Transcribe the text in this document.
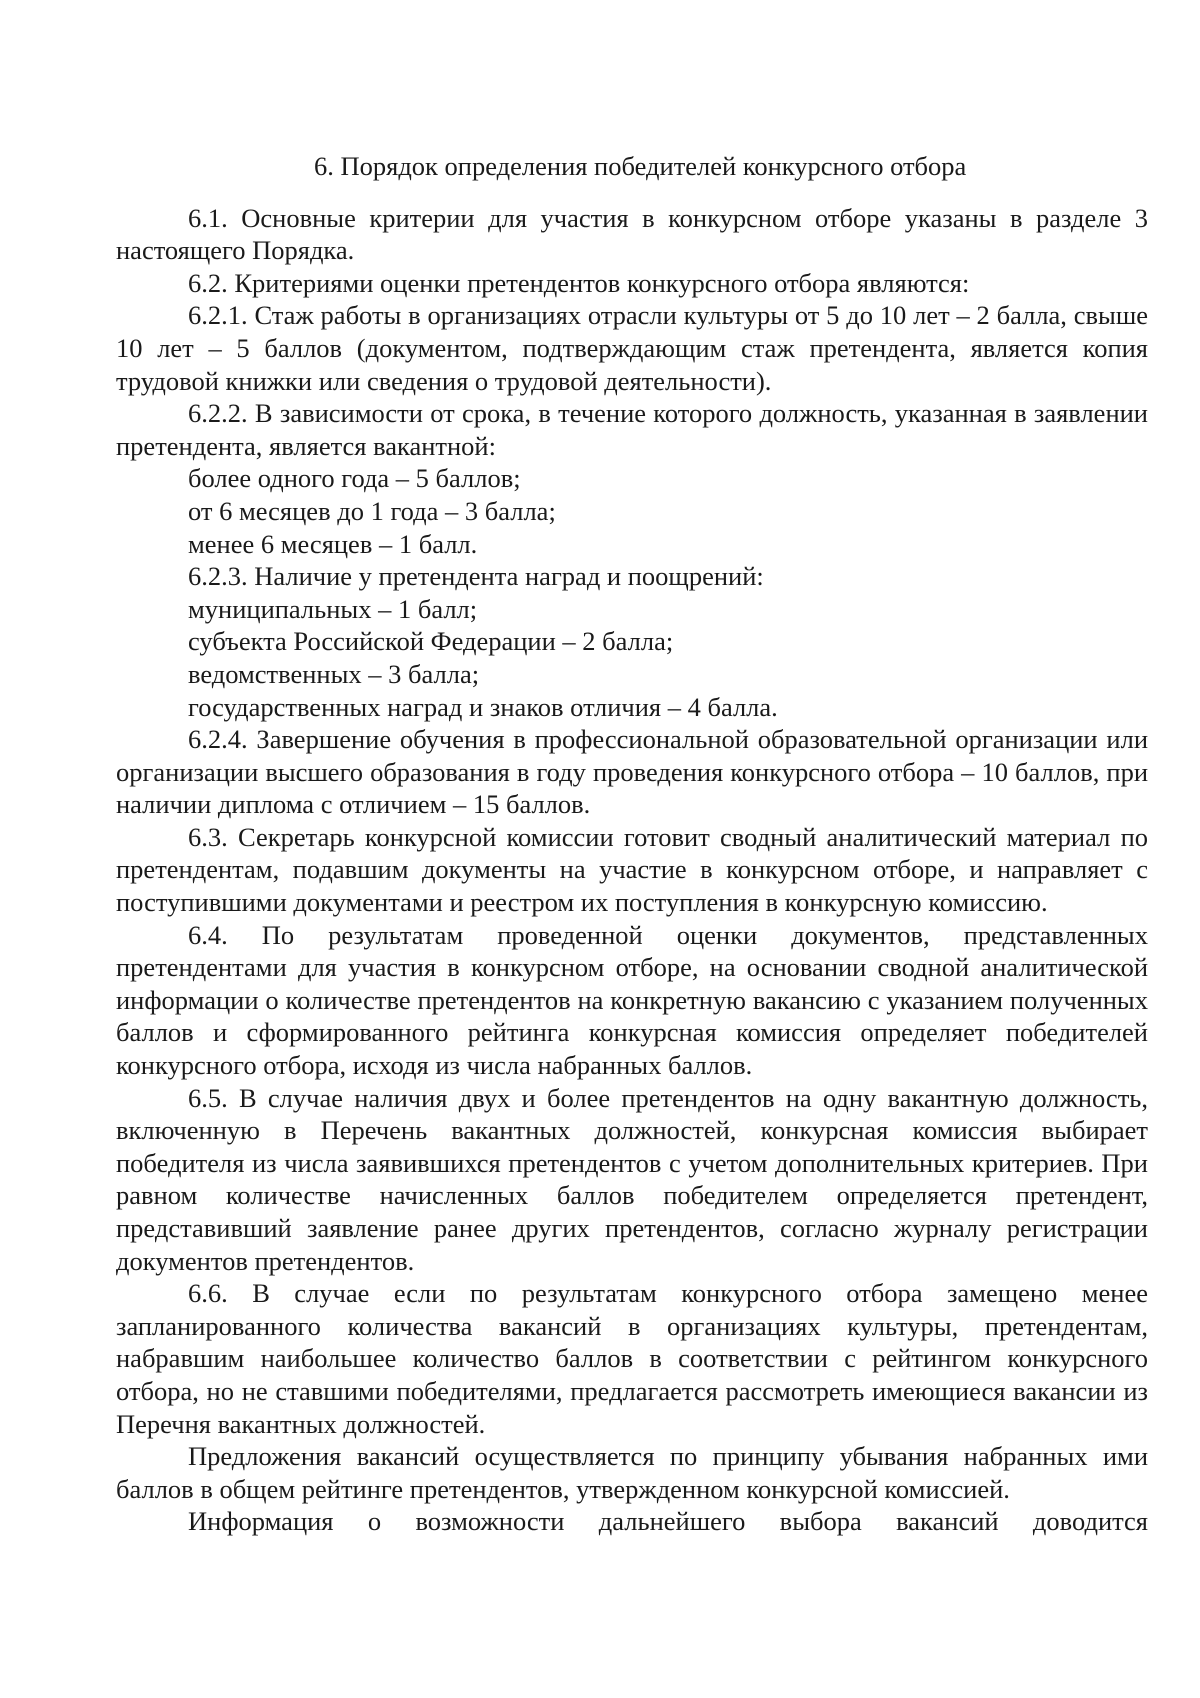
6. Порядок определения победителей конкурсного отбора
6.1. Основные критерии для участия в конкурсном отборе указаны в разделе 3 настоящего Порядка.
6.2. Критериями оценки претендентов конкурсного отбора являются:
6.2.1. Стаж работы в организациях отрасли культуры от 5 до 10 лет – 2 балла, свыше 10 лет – 5 баллов (документом, подтверждающим стаж претендента, является копия трудовой книжки или сведения о трудовой деятельности).
6.2.2. В зависимости от срока, в течение которого должность, указанная в заявлении претендента, является вакантной:
более одного года – 5 баллов;
от 6 месяцев до 1 года – 3 балла;
менее 6 месяцев – 1 балл.
6.2.3. Наличие у претендента наград и поощрений:
муниципальных – 1 балл;
субъекта Российской Федерации – 2 балла;
ведомственных – 3 балла;
государственных наград и знаков отличия – 4 балла.
6.2.4. Завершение обучения в профессиональной образовательной организации или организации высшего образования в году проведения конкурсного отбора – 10 баллов, при наличии диплома с отличием – 15 баллов.
6.3. Секретарь конкурсной комиссии готовит сводный аналитический материал по претендентам, подавшим документы на участие в конкурсном отборе, и направляет с поступившими документами и реестром их поступления в конкурсную комиссию.
6.4. По результатам проведенной оценки документов, представленных претендентами для участия в конкурсном отборе, на основании сводной аналитической информации о количестве претендентов на конкретную вакансию с указанием полученных баллов и сформированного рейтинга конкурсная комиссия определяет победителей конкурсного отбора, исходя из числа набранных баллов.
6.5. В случае наличия двух и более претендентов на одну вакантную должность, включенную в Перечень вакантных должностей, конкурсная комиссия выбирает победителя из числа заявившихся претендентов с учетом дополнительных критериев. При равном количестве начисленных баллов победителем определяется претендент, представивший заявление ранее других претендентов, согласно журналу регистрации документов претендентов.
6.6. В случае если по результатам конкурсного отбора замещено менее запланированного количества вакансий в организациях культуры, претендентам, набравшим наибольшее количество баллов в соответствии с рейтингом конкурсного отбора, но не ставшими победителями, предлагается рассмотреть имеющиеся вакансии из Перечня вакантных должностей.
Предложения вакансий осуществляется по принципу убывания набранных ими баллов в общем рейтинге претендентов, утвержденном конкурсной комиссией.
Информация о возможности дальнейшего выбора вакансий доводится
